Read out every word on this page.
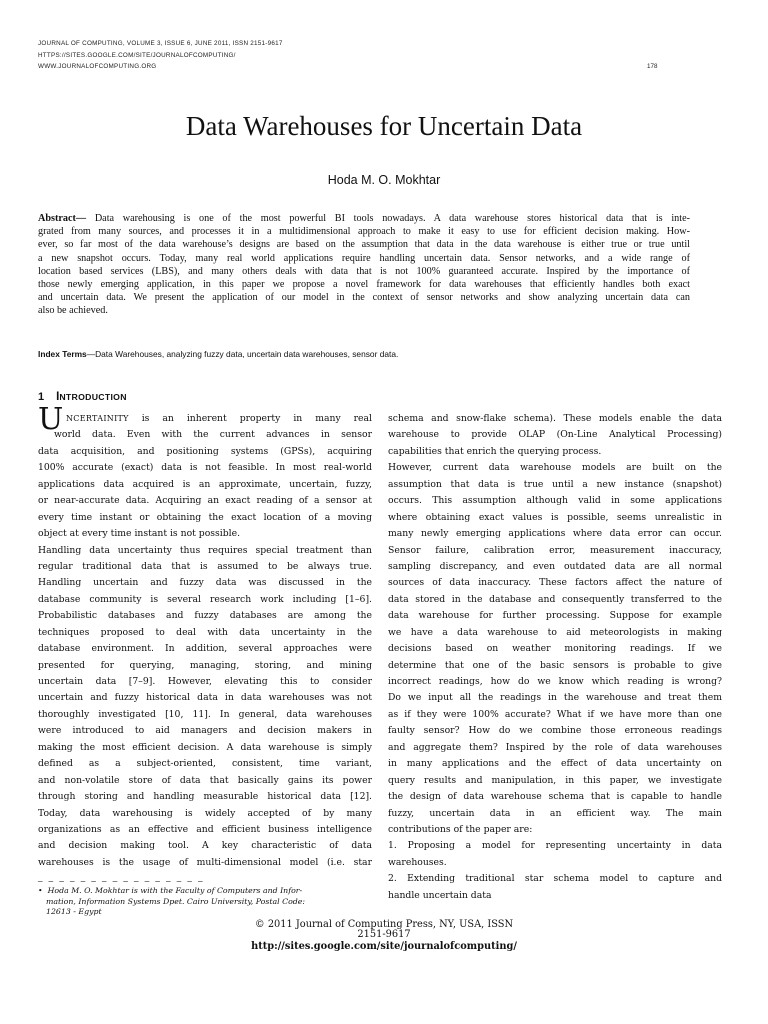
JOURNAL OF COMPUTING, VOLUME 3, ISSUE 6, JUNE 2011, ISSN 2151-9617
HTTPS://SITES.GOOGLE.COM/SITE/JOURNALOFCOMPUTING/
WWW.JOURNALOFCOMPUTING.ORG	178
Data Warehouses for Uncertain Data
Hoda M. O. Mokhtar
Abstract— Data warehousing is one of the most powerful BI tools nowadays. A data warehouse stores historical data that is inte-
grated from many sources, and processes it in a multidimensional approach to make it easy to use for efficient decision making. How-
ever, so far most of the data warehouse’s designs are based on the assumption that data in the data warehouse is either true or true until
a new snapshot occurs. Today, many real world applications require handling uncertain data. Sensor networks, and a wide range of
location based services (LBS), and many others deals with data that is not 100% guaranteed accurate. Inspired by the importance of
those newly emerging application, in this paper we propose a novel framework for data warehouses that efficiently handles both exact
and uncertain data. We present the application of our model in the context of sensor networks and show analyzing uncertain data can
also be achieved.
Index Terms—Data Warehouses, analyzing fuzzy data, uncertain data warehouses, sensor data.
1 INTRODUCTION
U NCERTAINITY is an inherent property in many real
world data. Even with the current advances in sensor
data acquisition, and positioning systems (GPSs), acquiring
100% accurate (exact) data is not feasible. In most real-world
applications data acquired is an approximate, uncertain, fuzzy,
or near-accurate data. Acquiring an exact reading of a sensor at
every time instant or obtaining the exact location of a moving
object at every time instant is not possible.
Handling data uncertainty thus requires special treatment than
regular traditional data that is assumed to be always true.
Handling uncertain and fuzzy data was discussed in the
database community is several research work including [1–6].
Probabilistic databases and fuzzy databases are among the
techniques proposed to deal with data uncertainty in the
database environment. In addition, several approaches were
presented for querying, managing, storing, and mining
uncertain data [7–9]. However, elevating this to consider
uncertain and fuzzy historical data in data warehouses was not
thoroughly investigated [10, 11]. In general, data warehouses
were introduced to aid managers and decision makers in
making the most efficient decision. A data warehouse is simply
defined as a subject-oriented, consistent, time variant,
and non-volatile store of data that basically gains its power
through storing and handling measurable historical data [12].
Today, data warehousing is widely accepted of by many
organizations as an effective and efficient business intelligence
and decision making tool. A key characteristic of data
warehouses is the usage of multi-dimensional model (i.e. star
schema and snow-flake schema). These models enable the data
warehouse to provide OLAP (On-Line Analytical Processing)
capabilities that enrich the querying process.
However, current data warehouse models are built on the
assumption that data is true until a new instance (snapshot)
occurs. This assumption although valid in some applications
where obtaining exact values is possible, seems unrealistic in
many newly emerging applications where data error can occur.
Sensor failure, calibration error, measurement inaccuracy,
sampling discrepancy, and even outdated data are all normal
sources of data inaccuracy. These factors affect the nature of
data stored in the database and consequently transferred to the
data warehouse for further processing. Suppose for example
we have a data warehouse to aid meteorologists in making
decisions based on weather monitoring readings. If we
determine that one of the basic sensors is probable to give
incorrect readings, how do we know which reading is wrong?
Do we input all the readings in the warehouse and treat them
as if they were 100% accurate? What if we have more than one
faulty sensor? How do we combine those erroneous readings
and aggregate them? Inspired by the role of data warehouses
in many applications and the effect of data uncertainty on
query results and manipulation, in this paper, we investigate
the design of data warehouse schema that is capable to handle
fuzzy, uncertain data in an efficient way. The main
contributions of the paper are:
1. Proposing a model for representing uncertainty in data
warehouses.
2. Extending traditional star schema model to capture and
handle uncertain data
_ _ _ _ _ _ _ _ _ _ _ _ _ _ _ _
• Hoda M. O. Mokhtar is with the Faculty of Computers and Infor-
mation, Information Systems Dpet. Cairo University, Postal Code:
12613 - Egypt
© 2011 Journal of Computing Press, NY, USA, ISSN
2151-9617
http://sites.google.com/site/journalofcomputing/
